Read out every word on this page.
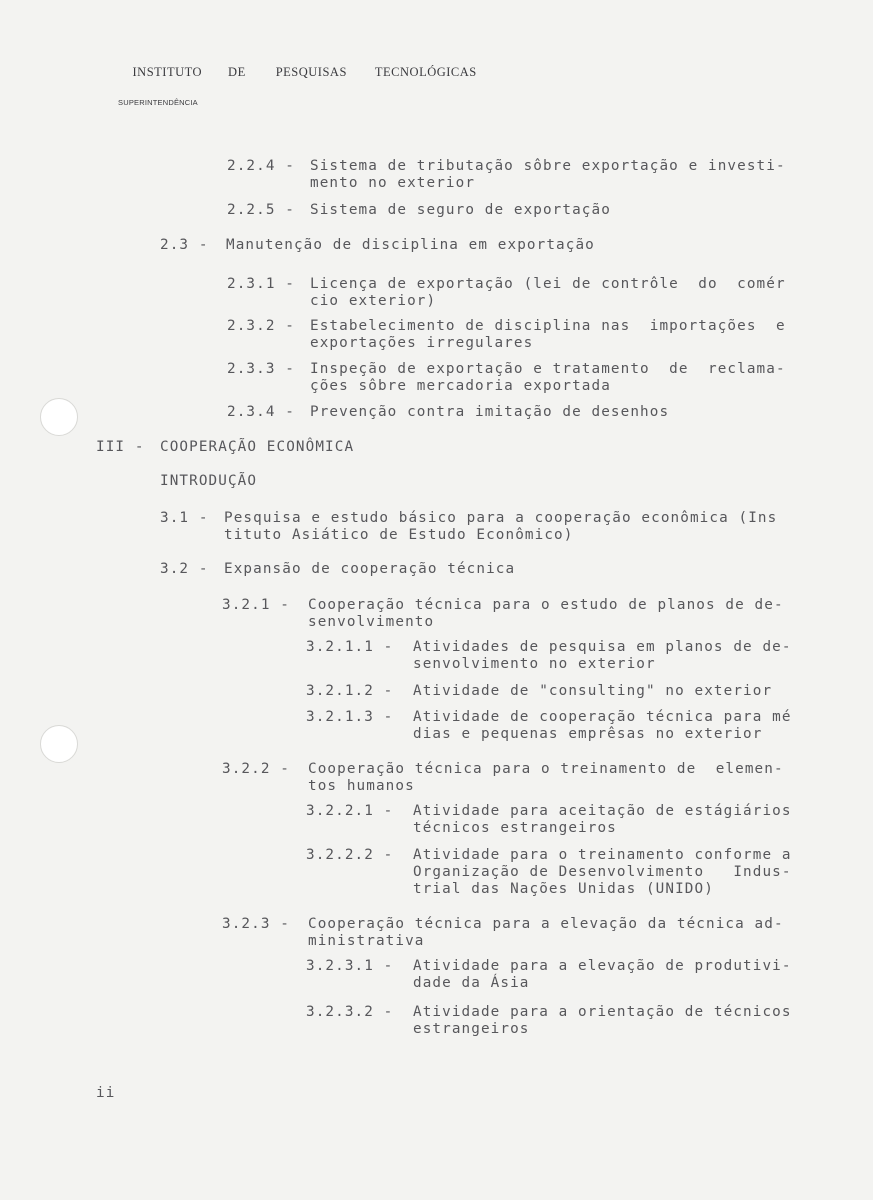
INSTITUTO DE PESQUISAS TECNOLÓGICAS

SUPERINTENDÊNCIA
2.2.4 - Sistema de tributação sôbre exportação e investi-
mento no exterior
2.2.5 - Sistema de seguro de exportação
2.3 - Manutenção de disciplina em exportação
2.3.1 - Licença de exportação (lei de contrôle  do  comér
cio exterior)
2.3.2 - Estabelecimento de disciplina nas  importações  e
exportações irregulares
2.3.3 - Inspeção de exportação e tratamento  de  reclama-
ções sôbre mercadoria exportada
2.3.4 - Prevenção contra imitação de desenhos
III - COOPERAÇÃO ECONÔMICA
INTRODUÇÃO
3.1 - Pesquisa e estudo básico para a cooperação econômica (Ins
tituto Asiático de Estudo Econômico)
3.2 - Expansão de cooperação técnica
3.2.1 - Cooperação técnica para o estudo de planos de de-
senvolvimento
3.2.1.1 - Atividades de pesquisa em planos de de-
senvolvimento no exterior
3.2.1.2 - Atividade de "consulting" no exterior
3.2.1.3 - Atividade de cooperação técnica para mé
dias e pequenas emprêsas no exterior
3.2.2 - Cooperação técnica para o treinamento de  elemen-
tos humanos
3.2.2.1 - Atividade para aceitação de estágiários
técnicos estrangeiros
3.2.2.2 - Atividade para o treinamento conforme a
Organização de Desenvolvimento   Indus-
trial das Nações Unidas (UNIDO)
3.2.3 - Cooperação técnica para a elevação da técnica ad-
ministrativa
3.2.3.1 - Atividade para a elevação de produtivi-
dade da Ásia
3.2.3.2 - Atividade para a orientação de técnicos
estrangeiros
ii
